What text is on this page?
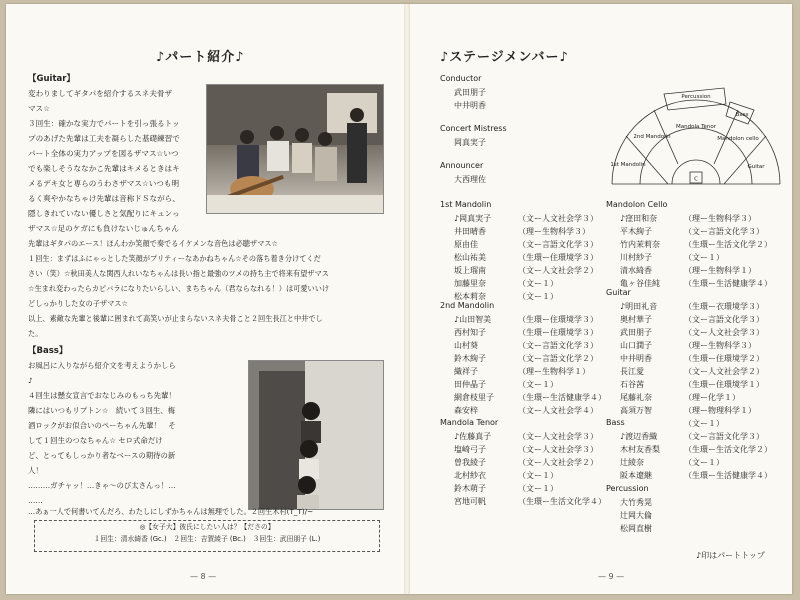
♪パート紹介♪
【Guitar】

変わりましてギタパを紹介するスネ夫骨ザ
マス☆
３回生：確かな実力でパートを引っ張るトッ
プのあげた先輩は工夫を凝らした基礎練習で
パート全体の実力アップを図るザマス☆いつ
でも楽しそうななかこ先輩はキメるときはキ
メるデキ女と専らのうわさザマス☆いつも明
るく爽やかなちゃけ先輩は音称ドＳながら、
隠しきれていない優しさと気配りにキュンっ
ザマス☆足のケガにも負けないじゅんちゃん

先輩はギタパのエース！ほんわか笑顔で奏でるイケメンな音色は必聴ザマス☆
１回生：まずはふにゃっとした笑顔がプリティーなあかねちゃん☆その落ち着き分けてくだ
さい（笑）☆秋田美人な関西人れいなちゃんは長い指と最強のツメの持ち主で将来有望ザマス
☆生まれ変わったらカピバラになりたいらしい、まちちゃん（君ならなれる！）は可愛いいけ
どしっかりした女の子ザマス☆
以上、素敵な先輩と後輩に囲まれて高笑いが止まらないスネ夫骨こと２回生長江と中井でし
た。

【Bass】

お風呂に入りながら紹介文を考えようかしら
♪
４回生は懸女宣言でおなじみのもっち先輩！
隣にはいつもリプトン☆　続いて３回生、梅
酒ロックがお似合いのペーちゃん先輩！　そ
して１回生のつなちゃん☆ セロ式命だけ
ど、とってもしっかり者なベースの期待の新
人！
………ガチャッ！…きゃ～のび太さんっ！…
……

…あぁ一人で何書いてんだろ、わたしにしずかちゃんは無理でした。２回生木村(T_T)/~

◎【女子大】彼氏にしたい人は？【ださの】
１回生：清水綺香 (Gc.)　２回生：吉賀綾子 (Bc.)　３回生：武田朋子 (L.)
— 8 —
♪ステージメンバー♪
Conductor
武田朋子
中井明香
Concert Mistress
岡真実子
Announcer
大西理佐
1st Mandolin
♪岡真実子	（文ー人文社会学３）
井田晴香	（理ー生物科学３）
原由佳	（文ー言語文化学３）
松山祐美	（生環ー住環境学３）
坂上瑠南	（文ー人文社会学２）
加藤里奈	（文ー１）
松本莉奈	（文ー１）
2nd Mandolin
♪山田智美	（生環ー住環境学３）
西村知子	（生環ー住環境学３）
山村葵	（文ー言語文化学３）
鈴木絢子	（文ー言語文化学２）
織祥子	（理ー生物科学１）
田仲晶子	（文ー１）
網倉枝里子	（生環ー生活健康学４）
森安梓	（文ー人文社会学４）
Mandola Tenor
♪佐藤真子	（文ー人文社会学３）
塩崎弓子	（文ー人文社会学３）
曽我綾子	（文ー人文社会学２）
北村紗衣	（文ー１）
鈴木萌子	（文ー１）
宮地可帆	（生環ー生活文化学４）
Mandolon Cello
♪窪田和奈	（理ー生物科学３）
平木絢子	（文ー言語文化学３）
竹内茉莉奈	（生環ー生活文化学２）
川村紗子	（文ー１）
清水綺香	（理ー生物科学１）
亀ヶ谷佳純	（生環ー生活健康学４）
Guitar
♪明田礼音	（生環ー衣環境学３）
奥村華子	（文ー言語文化学３）
武田朋子	（文ー人文社会学３）
山口潤子	（理ー生物科学３）
中井明香	（生環ー住環境学２）
長江愛	（文ー人文社会学２）
石谷茜	（生環ー住環境学１）
尾藤礼奈	（理ー化学１）
高須万智	（理ー物理科学１）
（文ー１）
Bass
♪渡辺香織	（文ー言語文化学３）
木村友香梨	（生環ー生活文化学２）
辻綾奈	（文ー１）
阪本遼継	（生環ー生活健康学４）
Percussion
大竹秀晃
辻岡大倫
松岡直樹
— 9 —
Percussion
Bass
Mandola Tenor
2nd Mandolin
1st Mandolin
Mandolon cello
Guitar
C
♪印はパートトップ
